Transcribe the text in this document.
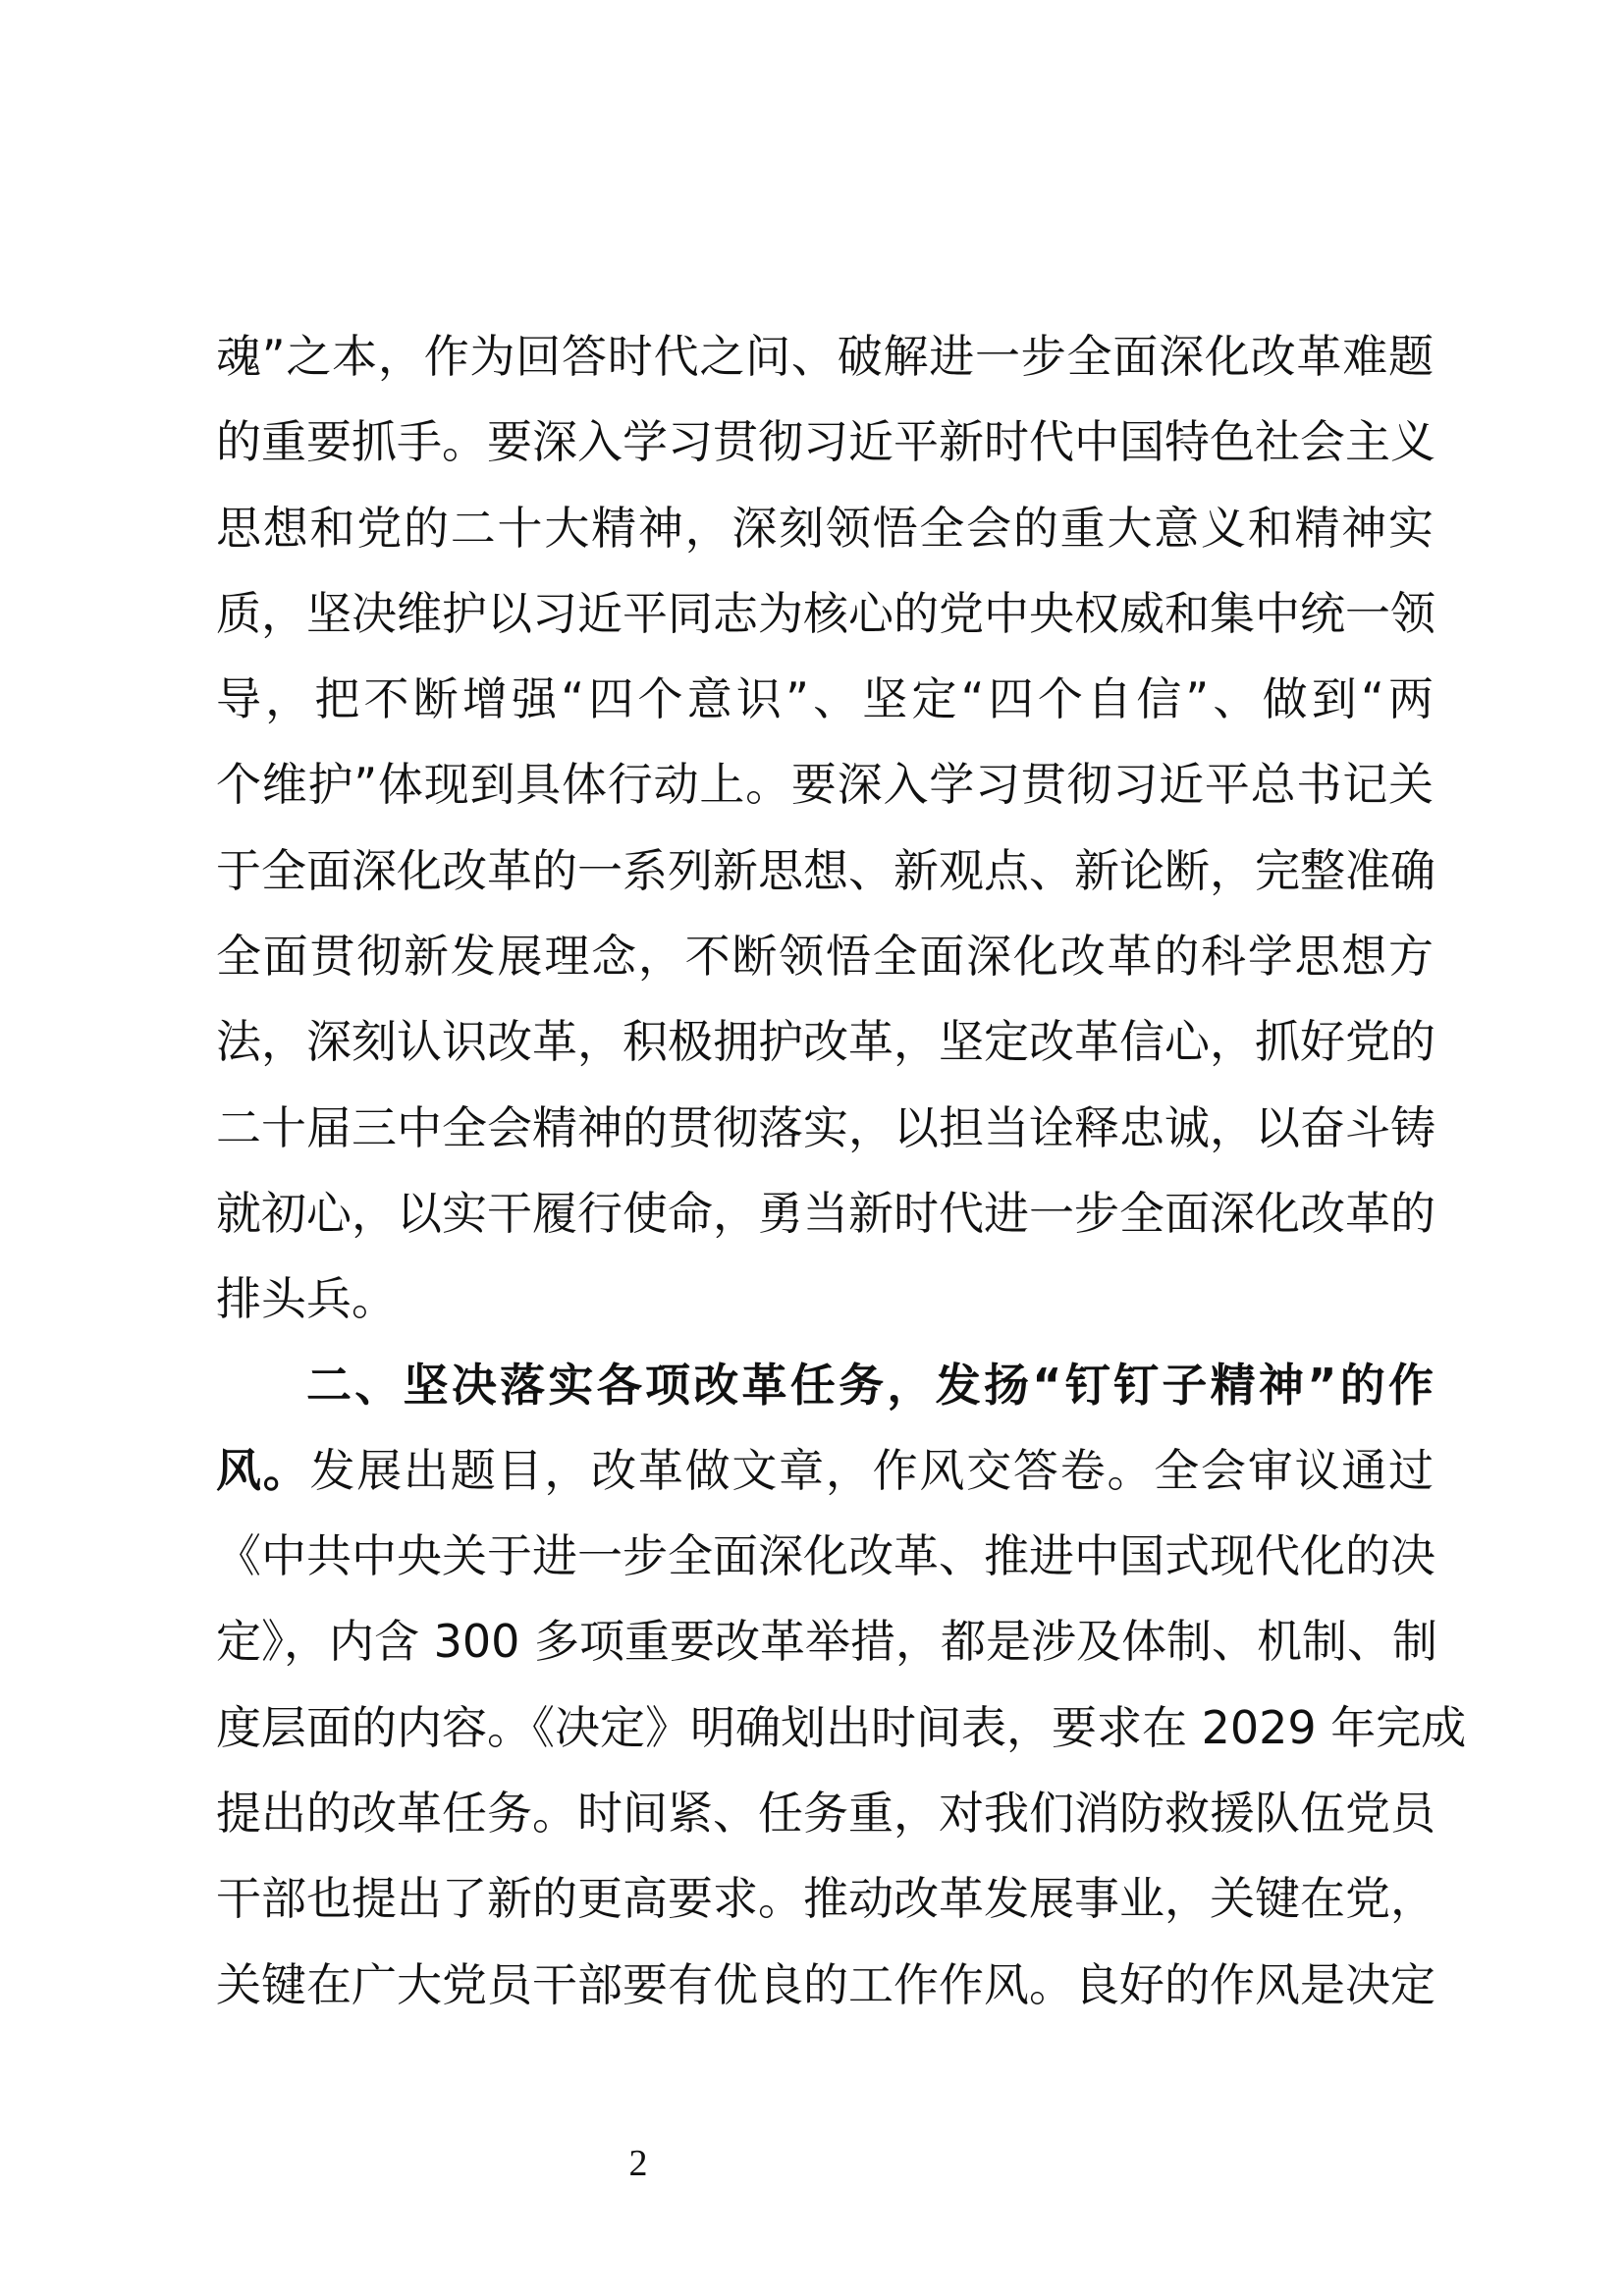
魂”之本，作为回答时代之问、破解进一步全面深化改革难题
的重要抓手。要深入学习贯彻习近平新时代中国特色社会主义
思想和党的二十大精神，深刻领悟全会的重大意义和精神实
质，坚决维护以习近平同志为核心的党中央权威和集中统一领
导，把不断增强“四个意识”、坚定“四个自信”、做到“两
个维护”体现到具体行动上。要深入学习贯彻习近平总书记关
于全面深化改革的一系列新思想、新观点、新论断，完整准确
全面贯彻新发展理念，不断领悟全面深化改革的科学思想方
法，深刻认识改革，积极拥护改革，坚定改革信心，抓好党的
二十届三中全会精神的贯彻落实，以担当诠释忠诚，以奋斗铸
就初心，以实干履行使命，勇当新时代进一步全面深化改革的
排头兵。
二、坚决落实各项改革任务，发扬“钉钉子精神”的作
风。发展出题目，改革做文章，作风交答卷。全会审议通过
《中共中央关于进一步全面深化改革、推进中国式现代化的决
定》，内含 300 多项重要改革举措，都是涉及体制、机制、制
度层面的内容。《决定》明确划出时间表，要求在 2029 年完成
提出的改革任务。时间紧、任务重，对我们消防救援队伍党员
干部也提出了新的更高要求。推动改革发展事业，关键在党，
关键在广大党员干部要有优良的工作作风。良好的作风是决定
2
